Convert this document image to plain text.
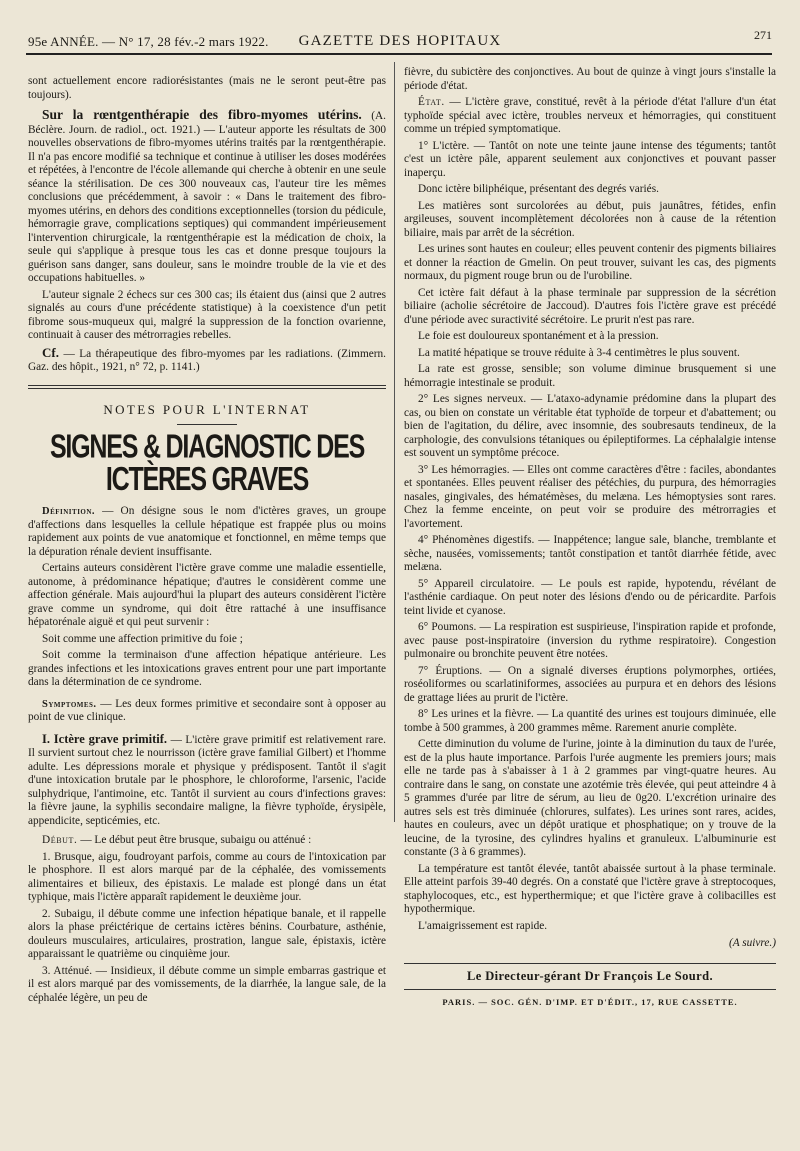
95e ANNÉE. — N° 17, 28 fév.-2 mars 1922.	GAZETTE DES HOPITAUX	271

sont actuellement encore radiorésistantes (mais ne le seront peut-être pas toujours).

Sur la rœntgenthérapie des fibro-myomes utérins. (A. Béclère. Journ. de radiol., oct. 1921.) — L'auteur apporte les résultats de 300 nouvelles observations de fibro-myomes utérins traités par la rœntgenthérapie. Il n'a pas encore modifié sa technique et continue à utiliser les doses modérées et répétées, à l'encontre de l'école allemande qui cherche à obtenir en une seule séance la stérilisation. De ces 300 nouveaux cas, l'auteur tire les mêmes conclusions que précédemment, à savoir : « Dans le traitement des fibro-myomes utérins, en dehors des conditions exceptionnelles (torsion du pédicule, hémorragie grave, complications septiques) qui commandent impérieusement l'intervention chirurgicale, la rœntgenthérapie est la médication de choix, la seule qui s'applique à presque tous les cas et donne presque toujours la guérison sans danger, sans douleur, sans le moindre trouble de la vie et des occupations habituelles. »

L'auteur signale 2 échecs sur ces 300 cas; ils étaient dus (ainsi que 2 autres signalés au cours d'une précédente statistique) à la coexistence d'un petit fibrome sous-muqueux qui, malgré la suppression de la fonction ovarienne, continuait à causer des métrorragies rebelles.

Cf. — La thérapeutique des fibro-myomes par les radiations. (Zimmern. Gaz. des hôpit., 1921, n° 72, p. 1141.)

NOTES POUR L'INTERNAT
SIGNES & DIAGNOSTIC DES ICTÈRES GRAVES

Définition. — On désigne sous le nom d'ictères graves, un groupe d'affections dans lesquelles la cellule hépatique est frappée plus ou moins rapidement aux points de vue anatomique et fonctionnel, en même temps que la dépuration rénale devient insuffisante.

Certains auteurs considèrent l'ictère grave comme une maladie essentielle, autonome, à prédominance hépatique; d'autres le considèrent comme une affection générale. Mais aujourd'hui la plupart des auteurs considèrent l'ictère grave comme un syndrome, qui doit être rattaché à une insuffisance hépatorénale aiguë et qui peut survenir :

Soit comme une affection primitive du foie ;

Soit comme la terminaison d'une affection hépatique antérieure. Les grandes infections et les intoxications graves entrent pour une part importante dans la détermination de ce syndrome.

Symptomes. — Les deux formes primitive et secondaire sont à opposer au point de vue clinique.

I. Ictère grave primitif. — L'ictère grave primitif est relativement rare. Il survient surtout chez le nourrisson (ictère grave familial Gilbert) et l'homme adulte. Les dépressions morale et physique y prédisposent. Tantôt il s'agit d'une intoxication brutale par le phosphore, le chloroforme, l'arsenic, l'acide sulphydrique, l'antimoine, etc. Tantôt il survient au cours d'infections graves: la fièvre jaune, la syphilis secondaire maligne, la fièvre typhoïde, érysipèle, appendicite, septicémies, etc.

Début. — Le début peut être brusque, subaigu ou atténué :

1. Brusque, aigu, foudroyant parfois, comme au cours de l'intoxication par le phosphore. Il est alors marqué par de la céphalée, des vomissements alimentaires et bilieux, des épistaxis. Le malade est plongé dans un état typhique, mais l'ictère apparaît rapidement le deuxième jour.

2. Subaigu, il débute comme une infection hépatique banale, et il rappelle alors la phase préictérique de certains ictères bénins. Courbature, asthénie, douleurs musculaires, articulaires, prostration, langue sale, épistaxis, ictère apparaissant le quatrième ou cinquième jour.

3. Atténué. — Insidieux, il débute comme un simple embarras gastrique et il est alors marqué par des vomissements, de la diarrhée, la langue sale, de la céphalée légère, un peu de

fièvre, du subictère des conjonctives. Au bout de quinze à vingt jours s'installe la période d'état.

État. — L'ictère grave, constitué, revêt à la période d'état l'allure d'un état typhoïde spécial avec ictère, troubles nerveux et hémorragies, qui constituent comme un trépied symptomatique.

1° L'ictère. — Tantôt on note une teinte jaune intense des téguments; tantôt c'est un ictère pâle, apparent seulement aux conjonctives et pouvant passer inaperçu.

Donc ictère biliphéique, présentant des degrés variés.

Les matières sont surcolorées au début, puis jaunâtres, fétides, enfin argileuses, souvent incomplètement décolorées non à cause de la rétention biliaire, mais par arrêt de la sécrétion.

Les urines sont hautes en couleur; elles peuvent contenir des pigments biliaires et donner la réaction de Gmelin. On peut trouver, suivant les cas, des pigments normaux, du pigment rouge brun ou de l'urobiline.

Cet ictère fait défaut à la phase terminale par suppression de la sécrétion biliaire (acholie sécrétoire de Jaccoud). D'autres fois l'ictère grave est précédé d'une période avec suractivité sécrétoire. Le prurit n'est pas rare.

Le foie est douloureux spontanément et à la pression.

La matité hépatique se trouve réduite à 3-4 centimètres le plus souvent.

La rate est grosse, sensible; son volume diminue brusquement si une hémorragie intestinale se produit.

2° Les signes nerveux. — L'ataxo-adynamie prédomine dans la plupart des cas, ou bien on constate un véritable état typhoïde de torpeur et d'abattement; ou bien de l'agitation, du délire, avec insomnie, des soubresauts tendineux, de la carphologie, des convulsions tétaniques ou épileptiformes. La céphalalgie intense est souvent un symptôme précoce.

3° Les hémorragies. — Elles ont comme caractères d'être : faciles, abondantes et spontanées. Elles peuvent réaliser des pétéchies, du purpura, des hémorragies nasales, gingivales, des hématémèses, du melæna. Les hémoptysies sont rares. Chez la femme enceinte, on peut voir se produire des métrorragies et l'avortement.

4° Phénomènes digestifs. — Inappétence; langue sale, blanche, tremblante et sèche, nausées, vomissements; tantôt constipation et tantôt diarrhée fétide, avec melæna.

5° Appareil circulatoire. — Le pouls est rapide, hypotendu, révélant de l'asthénie cardiaque. On peut noter des lésions d'endo ou de péricardite. Parfois teint livide et cyanose.

6° Poumons. — La respiration est suspirieuse, l'inspiration rapide et profonde, avec pause post-inspiratoire (inversion du rythme respiratoire). Congestion pulmonaire ou bronchite peuvent être notées.

7° Éruptions. — On a signalé diverses éruptions polymorphes, ortiées, roséoliformes ou scarlatiniformes, associées au purpura et en dehors des lésions de grattage liées au prurit de l'ictère.

8° Les urines et la fièvre. — La quantité des urines est toujours diminuée, elle tombe à 500 grammes, à 200 grammes même. Rarement anurie complète.

Cette diminution du volume de l'urine, jointe à la diminution du taux de l'urée, est de la plus haute importance. Parfois l'urée augmente les premiers jours; mais elle ne tarde pas à s'abaisser à 1 à 2 grammes par vingt-quatre heures. Au contraire dans le sang, on constate une azotémie très élevée, qui peut atteindre 4 à 5 grammes d'urée par litre de sérum, au lieu de 0g20. L'excrétion urinaire des autres sels est très diminuée (chlorures, sulfates). Les urines sont rares, acides, hautes en couleurs, avec un dépôt uratique et phosphatique; on y trouve de la leucine, de la tyrosine, des cylindres hyalins et granuleux. L'albuminurie est constante (3 à 6 grammes).

La température est tantôt élevée, tantôt abaissée surtout à la phase terminale. Elle atteint parfois 39-40 degrés. On a constaté que l'ictère grave à streptocoques, staphylocoques, etc., est hyperthermique; et que l'ictère grave à colibacilles est hypothermique.

L'amaigrissement est rapide.

(A suivre.)
Le Directeur-gérant Dr François Le Sourd.
PARIS. — SOC. GÉN. D'IMP. ET D'ÉDIT., 17, RUE CASSETTE.
